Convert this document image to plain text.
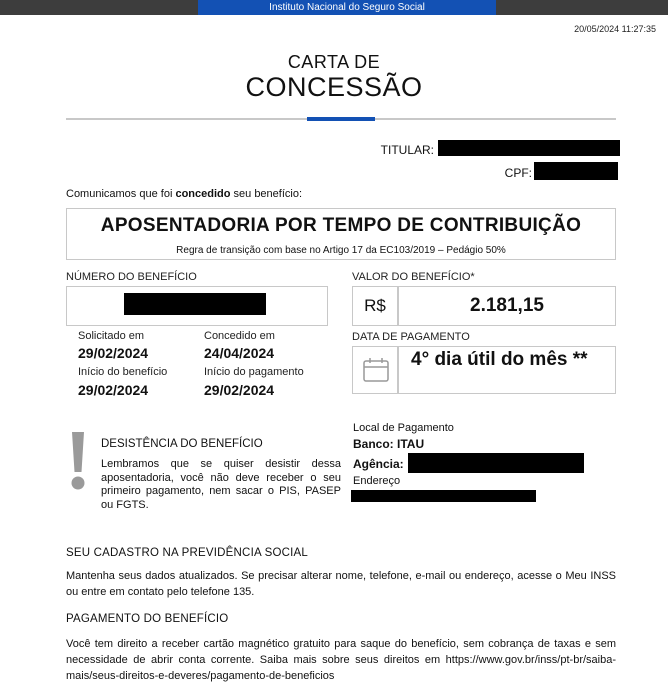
Instituto Nacional do Seguro Social
20/05/2024 11:27:35
CARTA DE
CONCESSÃO
TITULAR:
CPF:
Comunicamos que foi concedido seu benefício:
APOSENTADORIA POR TEMPO DE CONTRIBUIÇÃO
Regra de transição com base no Artigo 17 da EC103/2019 – Pedágio 50%
NÚMERO DO BENEFÍCIO
Solicitado em
29/02/2024
Concedido em
24/04/2024
Início do benefício
29/02/2024
Início do pagamento
29/02/2024
VALOR DO BENEFÍCIO*
R$	2.181,15
DATA DE PAGAMENTO
4° dia útil do mês **
DESISTÊNCIA DO BENEFÍCIO
Lembramos que se quiser desistir dessa aposentadoria, você não deve receber o seu primeiro pagamento, nem sacar o PIS, PASEP ou FGTS.
Local de Pagamento
Banco: ITAU
Agência:
Endereço
SEU CADASTRO NA PREVIDÊNCIA SOCIAL
Mantenha seus dados atualizados. Se precisar alterar nome, telefone, e-mail ou endereço, acesse o Meu INSS ou entre em contato pelo telefone 135.
PAGAMENTO DO BENEFÍCIO
Você tem direito a receber cartão magnético gratuito para saque do benefício, sem cobrança de taxas e sem necessidade de abrir conta corrente. Saiba mais sobre seus direitos em https://www.gov.br/inss/pt-br/saiba-mais/seus-direitos-e-deveres/pagamento-de-beneficios
